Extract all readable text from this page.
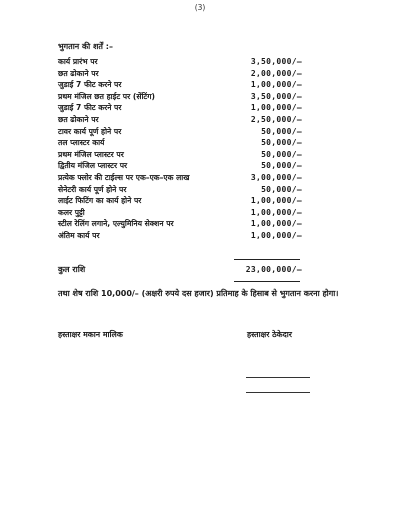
(3)
भुगतान की शर्तें :–
कार्य प्रारंभ पर	3,50,000/–
छत ढोकाने पर	2,00,000/–
जुडाई 7 फीट करने पर	1,00,000/–
प्रथम मंजिल छत हाईट पर (सेंटिंग)	3,50,000/–
जुडाई 7 फीट करने पर	1,00,000/–
छत ढोकाने पर	2,50,000/–
टावर कार्य पूर्ण होने पर	50,000/–
तल प्लास्टर कार्य	50,000/–
प्रथम मंजिल प्लास्टर पर	50,000/–
द्वितीय मंजिल प्लास्टर पर	50,000/–
प्रत्येक फ्लोर की टाईल्स पर एक–एक–एक लाख	3,00,000/–
सेनेटरी कार्य पूर्ण होने पर	50,000/–
लाईट फिटिंग का कार्य होने पर	1,00,000/–
कलर पुट्टी	1,00,000/–
स्टील रेलिंग लगाने, एल्युमिनिय सेक्शन पर	1,00,000/–
अंतिम कार्य पर	1,00,000/–
कुल राशि	23,00,000/–
तथा शेष राशि 10,000/– (अक्षरी रुपये दस हजार) प्रतिमाह के हिसाब से भुगतान करना होगा।
हस्ताक्षर मकान मालिक	हस्ताक्षर ठेकेदार
